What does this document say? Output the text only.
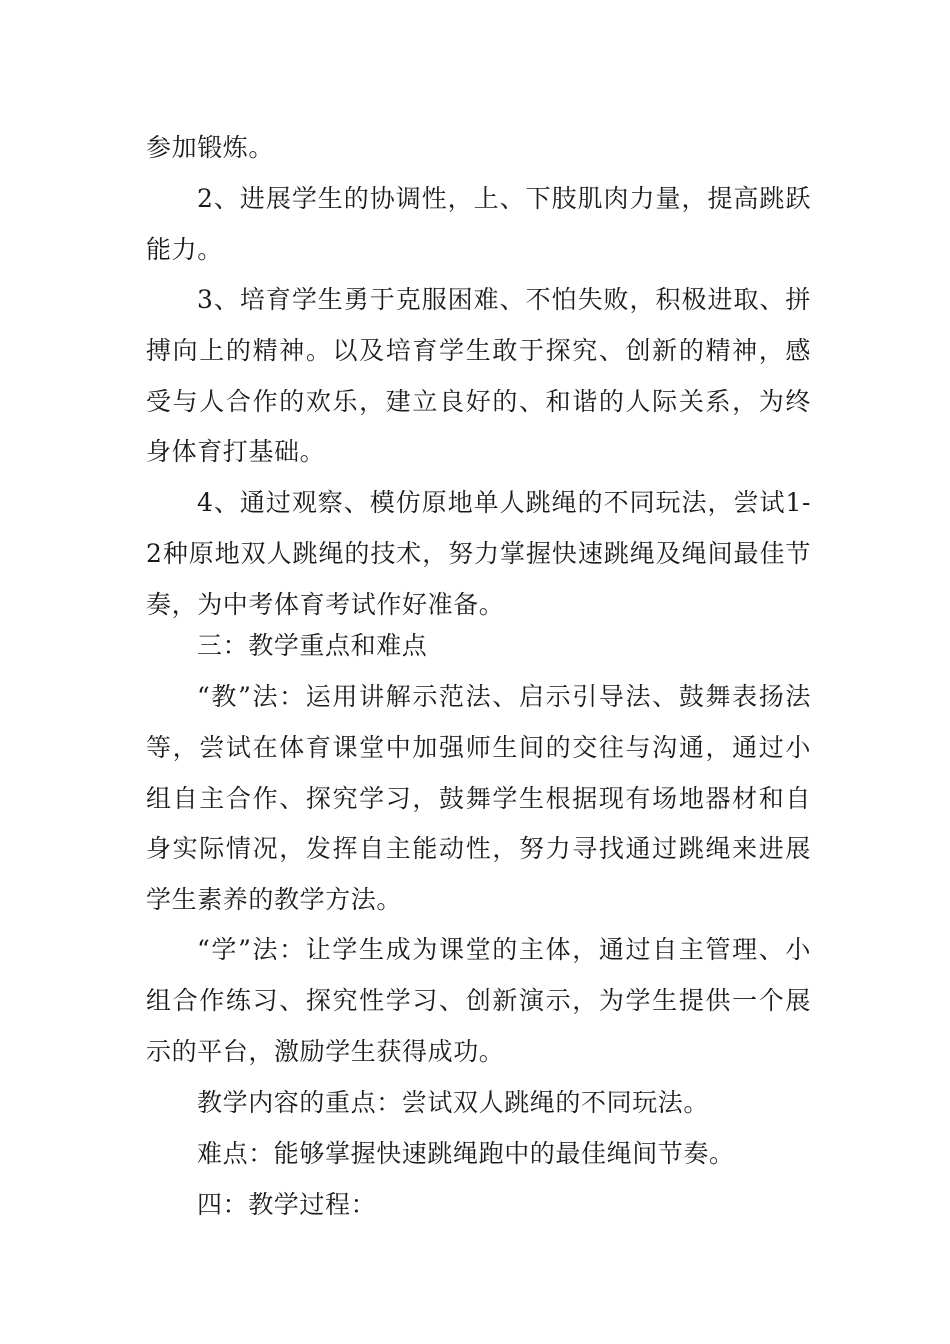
参加锻炼。

2、进展学生的协调性，上、下肢肌肉力量，提高跳跃能力。

3、培育学生勇于克服困难、不怕失败，积极进取、拼搏向上的精神。以及培育学生敢于探究、创新的精神，感受与人合作的欢乐，建立良好的、和谐的人际关系，为终身体育打基础。

4、通过观察、模仿原地单人跳绳的不同玩法，尝试1-2种原地双人跳绳的技术，努力掌握快速跳绳及绳间最佳节奏，为中考体育考试作好准备。

三：教学重点和难点

“教”法：运用讲解示范法、启示引导法、鼓舞表扬法等，尝试在体育课堂中加强师生间的交往与沟通，通过小组自主合作、探究学习，鼓舞学生根据现有场地器材和自身实际情况，发挥自主能动性，努力寻找通过跳绳来进展学生素养的教学方法。

“学”法：让学生成为课堂的主体，通过自主管理、小组合作练习、探究性学习、创新演示，为学生提供一个展示的平台，激励学生获得成功。

教学内容的重点：尝试双人跳绳的不同玩法。

难点：能够掌握快速跳绳跑中的最佳绳间节奏。

四：教学过程：
